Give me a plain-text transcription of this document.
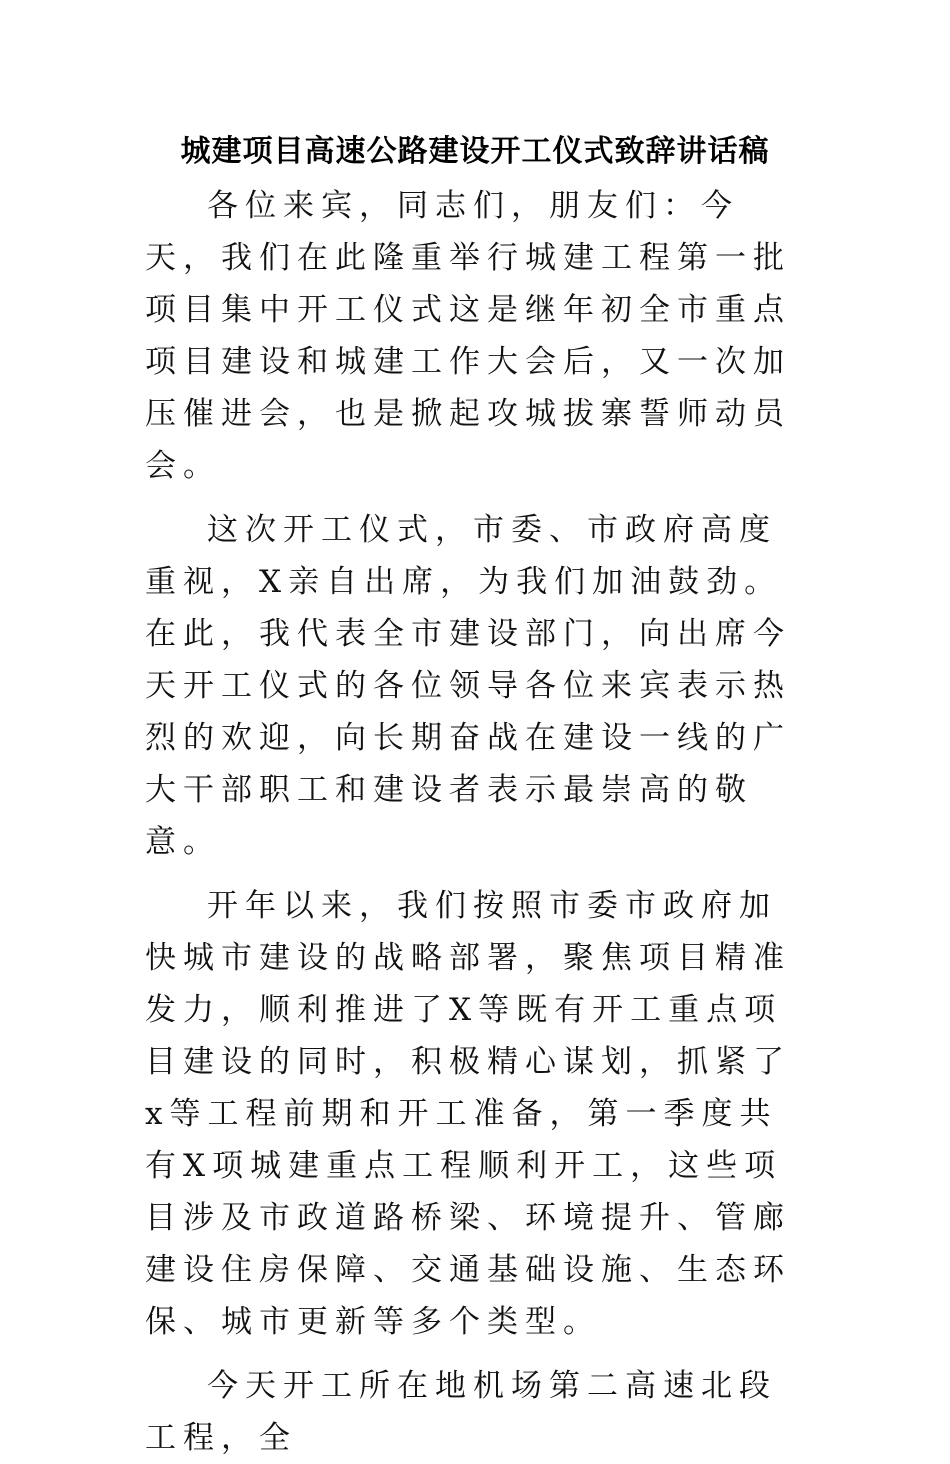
城建项目高速公路建设开工仪式致辞讲话稿

各位来宾，同志们，朋友们：今天，我们在此隆重举行城建工程第一批项目集中开工仪式这是继年初全市重点项目建设和城建工作大会后，又一次加压催进会，也是掀起攻城拔寨誓师动员会。

这次开工仪式，市委、市政府高度重视，X亲自出席，为我们加油鼓劲。在此，我代表全市建设部门，向出席今天开工仪式的各位领导各位来宾表示热烈的欢迎，向长期奋战在建设一线的广大干部职工和建设者表示最崇高的敬意。

开年以来，我们按照市委市政府加快城市建设的战略部署，聚焦项目精准发力，顺利推进了X等既有开工重点项目建设的同时，积极精心谋划，抓紧了x等工程前期和开工准备，第一季度共有X项城建重点工程顺利开工，这些项目涉及市政道路桥梁、环境提升、管廊建设住房保障、交通基础设施、生态环保、城市更新等多个类型。

今天开工所在地机场第二高速北段工程，全
